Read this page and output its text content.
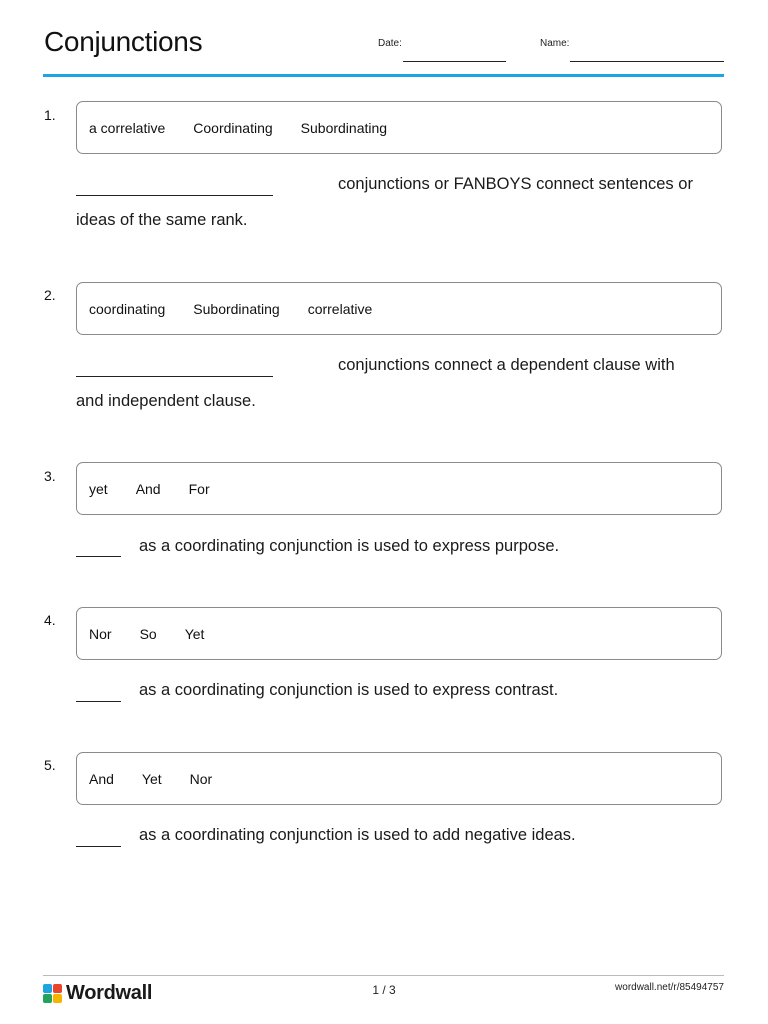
Conjunctions	Date:	Name:
1.
a correlative Coordinating Subordinating
conjunctions or FANBOYS connect sentences or
ideas of the same rank.
2.
coordinating Subordinating correlative
conjunctions connect a dependent clause with
and independent clause.
3.
yet And For
as a coordinating conjunction is used to express purpose.
4.
Nor So Yet
as a coordinating conjunction is used to express contrast.
5.
And Yet Nor
as a coordinating conjunction is used to add negative ideas.
Wordwall	1 / 3	wordwall.net/r/85494757
